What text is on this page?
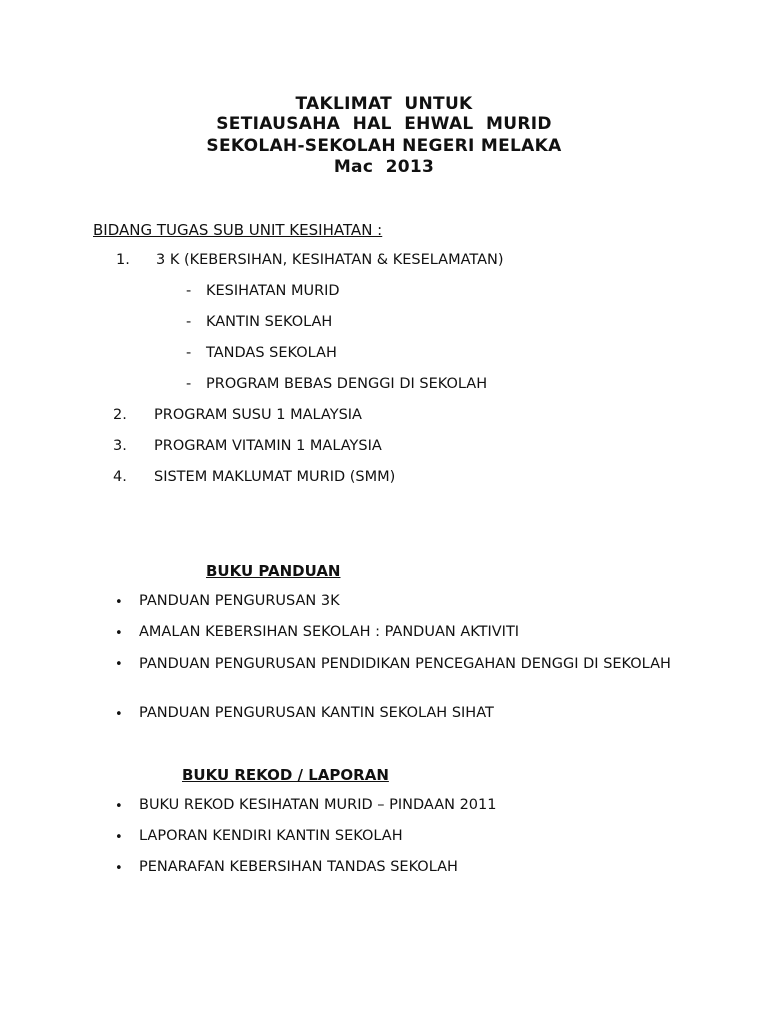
TAKLIMAT  UNTUK
SETIAUSAHA  HAL  EHWAL  MURID
SEKOLAH-SEKOLAH NEGERI MELAKA
Mac  2013
BIDANG TUGAS SUB UNIT KESIHATAN :
1. 3 K (KEBERSIHAN, KESIHATAN & KESELAMATAN)
- KESIHATAN MURID
- KANTIN SEKOLAH
- TANDAS SEKOLAH
- PROGRAM BEBAS DENGGI DI SEKOLAH
2. PROGRAM SUSU 1 MALAYSIA
3. PROGRAM VITAMIN 1 MALAYSIA
4. SISTEM MAKLUMAT MURID (SMM)
BUKU PANDUAN
• PANDUAN PENGURUSAN 3K
• AMALAN KEBERSIHAN SEKOLAH : PANDUAN AKTIVITI
• PANDUAN PENGURUSAN PENDIDIKAN PENCEGAHAN DENGGI DI SEKOLAH
• PANDUAN PENGURUSAN KANTIN SEKOLAH SIHAT
BUKU REKOD / LAPORAN
• BUKU REKOD KESIHATAN MURID – PINDAAN 2011
• LAPORAN KENDIRI KANTIN SEKOLAH
• PENARAFAN KEBERSIHAN TANDAS SEKOLAH
